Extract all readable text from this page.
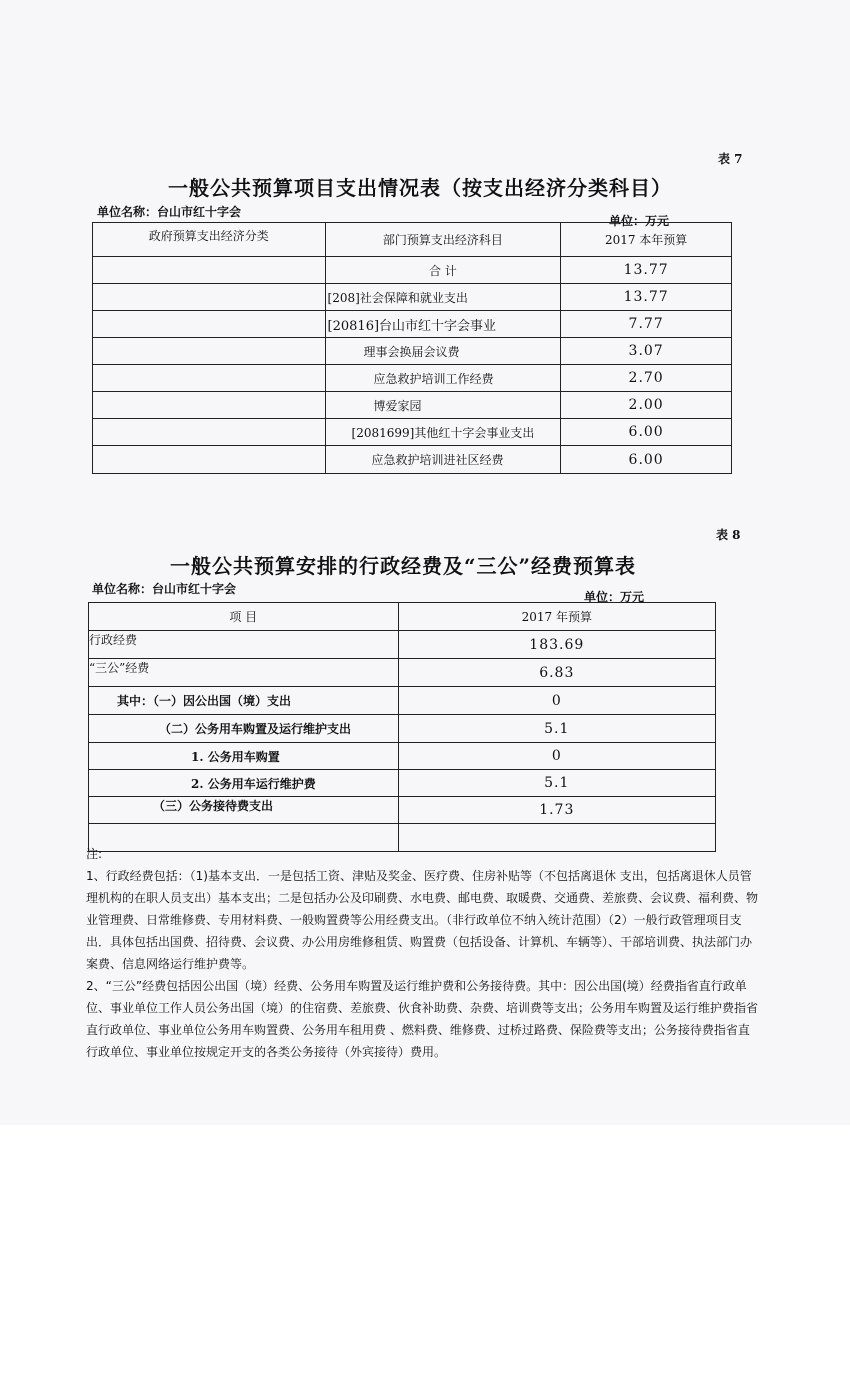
表 7
一般公共预算项目支出情况表（按支出经济分类科目）
单位名称：台山市红十字会
单位：万元
政府预算支出经济分类	部门预算支出经济科目	2017 本年预算
	合 计	13.77
	[208]社会保障和就业支出	13.77
	[20816]台山市红十字会事业	7.77
	理事会换届会议费	3.07
	应急救护培训工作经费	2.70
	博爱家园	2.00
	[2081699]其他红十字会事业支出	6.00
	应急救护培训进社区经费	6.00
表 8
一般公共预算安排的行政经费及“三公”经费预算表
单位名称：台山市红十字会
单位：万元
项 目	2017 年预算
行政经费	183.69
“三公”经费	6.83
其中：（一）因公出国（境）支出	0
（二）公务用车购置及运行维护支出	5.1
1. 公务用车购置	0
2. 公务用车运行维护费	5.1
（三）公务接待费支出	1.73

注:

1、行政经费包括：（1)基本支出．一是包括工资、津贴及奖金、医疗费、住房补贴等（不包括离退休 支出，包括离退休人员管理机构的在职人员支出）基本支出；二是包括办公及印刷费、水电费、邮电费、取暖费、交通费、差旅费、会议费、福利费、物业管理费、日常维修费、专用材料费、一般购置费等公用经费支出。（非行政单位不纳入统计范围）（2）一般行政管理项目支出．具体包括出国费、招待费、会议费、办公用房维修租赁、购置费（包括设备、计算机、车辆等）、干部培训费、执法部门办案费、信息网络运行维护费等。

2、“三公”经费包括因公出国（境）经费、公务用车购置及运行维护费和公务接待费。其中：因公出国(境）经费指省直行政单位、事业单位工作人员公务出国（境）的住宿费、差旅费、伙食补助费、杂费、培训费等支出；公务用车购置及运行维护费指省直行政单位、事业单位公务用车购置费、公务用车租用费 、燃料费、维修费、过桥过路费、保险费等支出；公务接待费指省直行政单位、事业单位按规定开支的各类公务接待（外宾接待）费用。
